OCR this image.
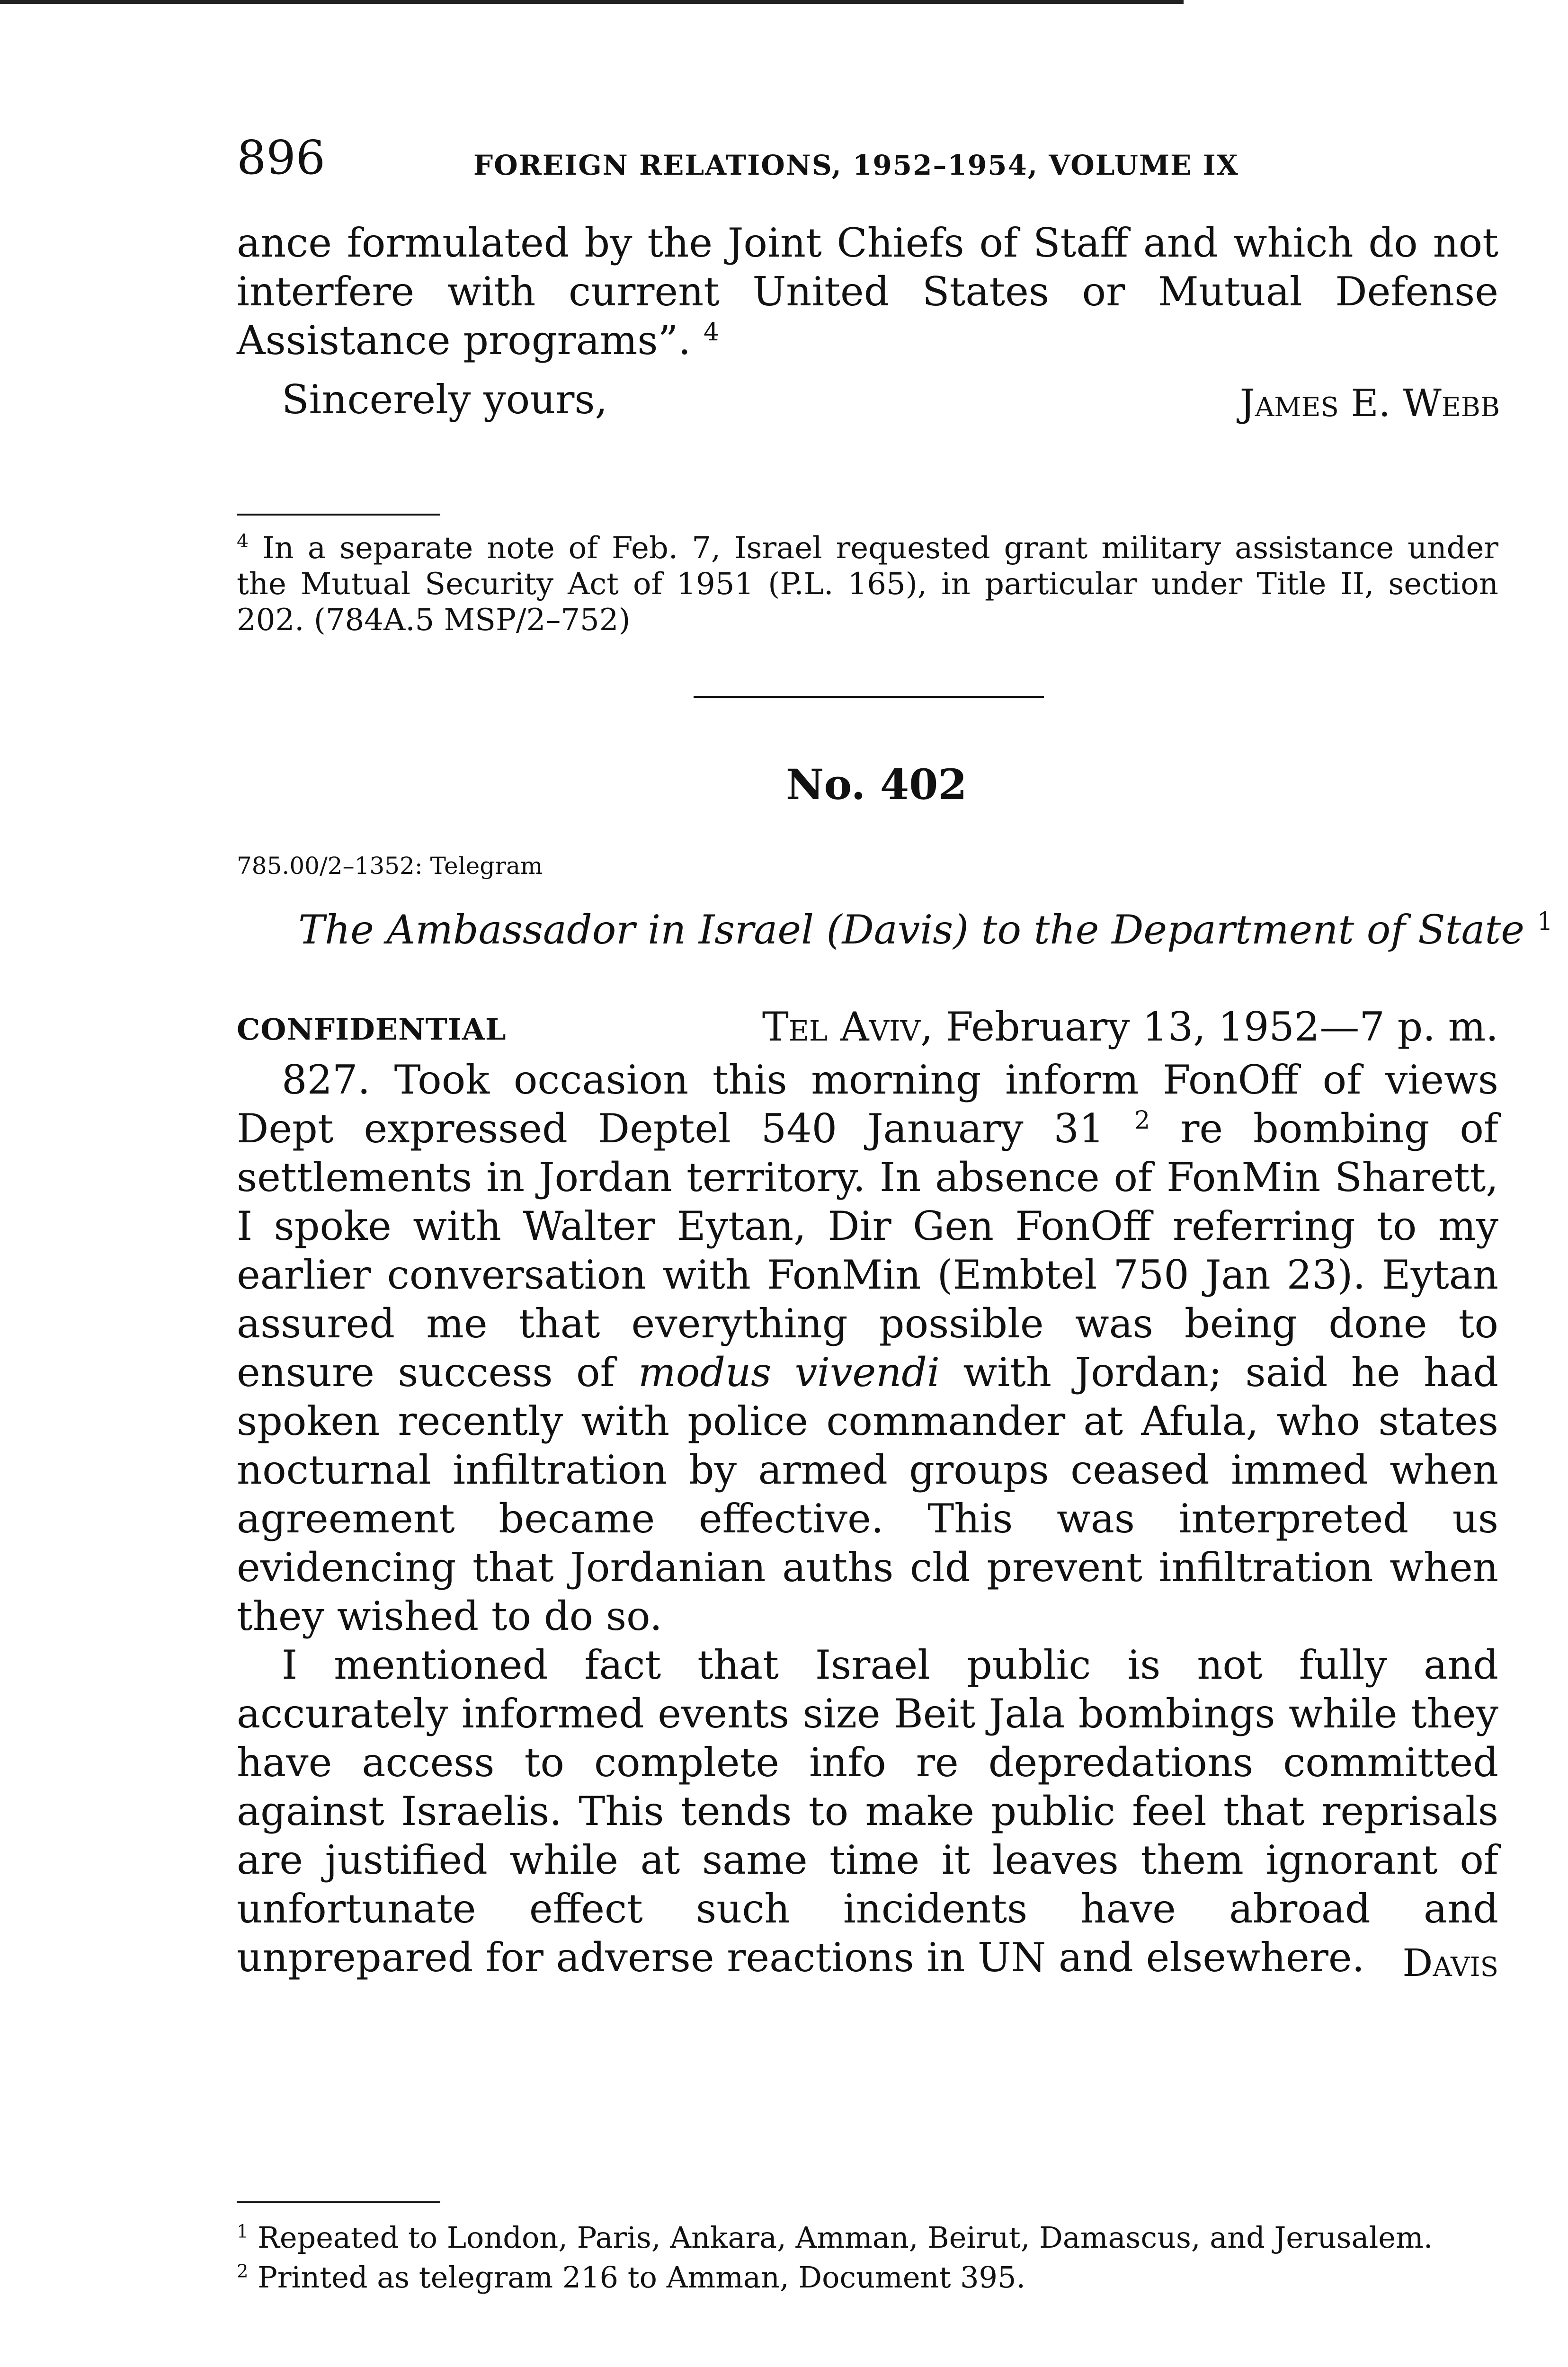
896	FOREIGN RELATIONS, 1952–1954, VOLUME IX

ance formulated by the Joint Chiefs of Staff and which do not interfere with current United States or Mutual Defense Assistance programs”. $^4$

Sincerely yours,	James E. Webb

$^4$ In a separate note of Feb. 7, Israel requested grant military assistance under the Mutual Security Act of 1951 (P.L. 165), in particular under Title II, section 202. (784A.5 MSP/2–752)

No. 402
785.00/2–1352: Telegram
The Ambassador in Israel (Davis) to the Department of State $^1$
CONFIDENTIAL	Tel Aviv, February 13, 1952—7 p. m.

827. Took occasion this morning inform FonOff of views Dept expressed Deptel 540 January 31 $^2$ re bombing of settlements in Jordan territory. In absence of FonMin Sharett, I spoke with Walter Eytan, Dir Gen FonOff referring to my earlier conversation with FonMin (Embtel 750 Jan 23). Eytan assured me that everything possible was being done to ensure success of modus vivendi with Jordan; said he had spoken recently with police commander at Afula, who states nocturnal infiltration by armed groups ceased immed when agreement became effective. This was interpreted us evidencing that Jordanian auths cld prevent infiltration when they wished to do so.

I mentioned fact that Israel public is not fully and accurately informed events size Beit Jala bombings while they have access to complete info re depredations committed against Israelis. This tends to make public feel that reprisals are justified while at same time it leaves them ignorant of unfortunate effect such incidents have abroad and unprepared for adverse reactions in UN and elsewhere. Davis

$^1$ Repeated to London, Paris, Ankara, Amman, Beirut, Damascus, and Jerusalem.

$^2$ Printed as telegram 216 to Amman, Document 395.
